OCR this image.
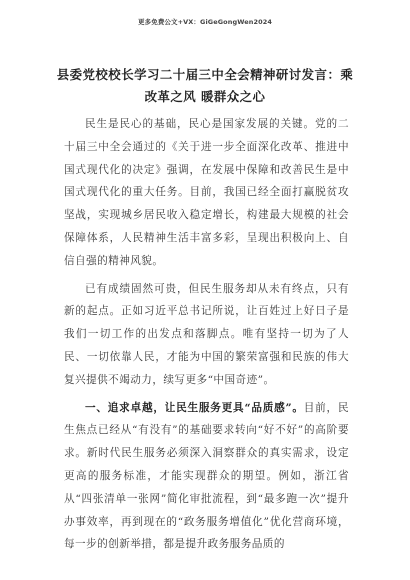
更多免费公文+VX：GiGeGongWen2024
县委党校校长学习二十届三中全会精神研讨发言：乘改革之风 暖群众之心

民生是民心的基础，民心是国家发展的关键。党的二十届三中全会通过的《关于进一步全面深化改革、推进中国式现代化的决定》强调，在发展中保障和改善民生是中国式现代化的重大任务。目前，我国已经全面打赢脱贫攻坚战，实现城乡居民收入稳定增长，构建最大规模的社会保障体系，人民精神生活丰富多彩，呈现出积极向上、自信自强的精神风貌。

已有成绩固然可贵，但民生服务却从未有终点，只有新的起点。正如习近平总书记所说，让百姓过上好日子是我们一切工作的出发点和落脚点。唯有坚持一切为了人民、一切依靠人民，才能为中国的繁荣富强和民族的伟大复兴提供不竭动力，续写更多“中国奇迹”。

一、追求卓越，让民生服务更具“品质感”。目前，民生焦点已经从“有没有”的基础要求转向“好不好”的高阶要求。新时代民生服务必须深入洞察群众的真实需求，设定更高的服务标准，才能实现群众的期望。例如，浙江省从“四张清单一张网”简化审批流程，到“最多跑一次”提升办事效率，再到现在的“政务服务增值化”优化营商环境，每一步的创新举措，都是提升政务服务品质的
